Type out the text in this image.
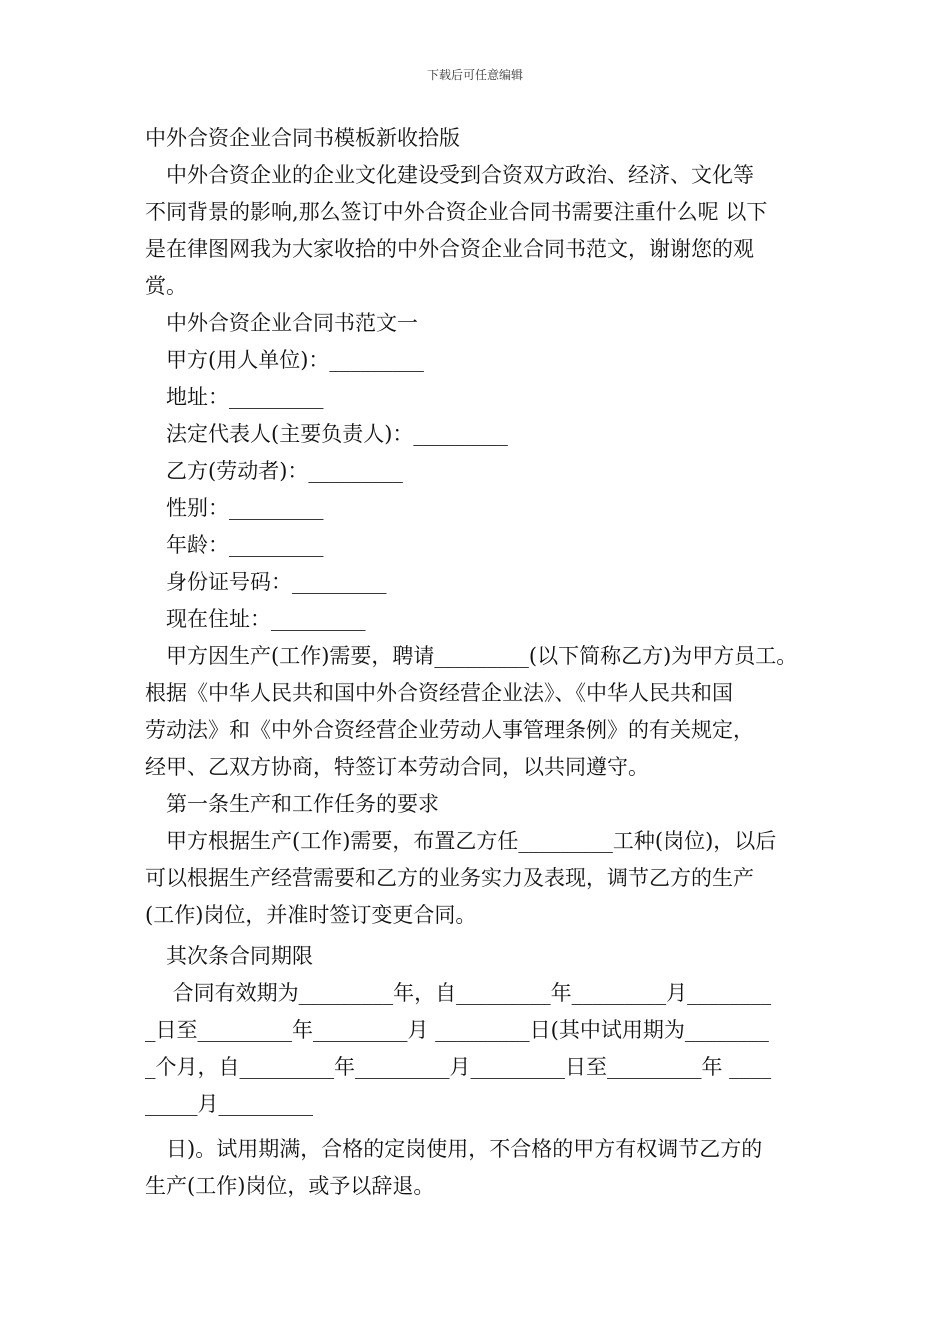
下载后可任意编辑
中外合资企业合同书模板新收拾版
中外合资企业的企业文化建设受到合资双方政治、经济、文化等
不同背景的影响,那么签订中外合资企业合同书需要注重什么呢 以下
是在律图网我为大家收拾的中外合资企业合同书范文，谢谢您的观
赏。
中外合资企业合同书范文一
甲方(用人单位)：_________
地址：_________
法定代表人(主要负责人)：_________
乙方(劳动者)：_________
性别：_________
年龄：_________
身份证号码：_________
现在住址：_________
甲方因生产(工作)需要，聘请_________(以下简称乙方)为甲方员工。
根据《中华人民共和国中外合资经营企业法》、《中华人民共和国
劳动法》和《中外合资经营企业劳动人事管理条例》的有关规定，
经甲、乙双方协商，特签订本劳动合同，以共同遵守。
第一条生产和工作任务的要求
甲方根据生产(工作)需要，布置乙方任_________工种(岗位)，以后
可以根据生产经营需要和乙方的业务实力及表现，调节乙方的生产
(工作)岗位，并准时签订变更合同。
其次条合同期限
合同有效期为_________年，自_________年_________月________
_日至_________年_________月 _________日(其中试用期为________
_个月，自_________年_________月_________日至_________年 ____
_____月_________
日)。试用期满，合格的定岗使用，不合格的甲方有权调节乙方的
生产(工作)岗位，或予以辞退。
